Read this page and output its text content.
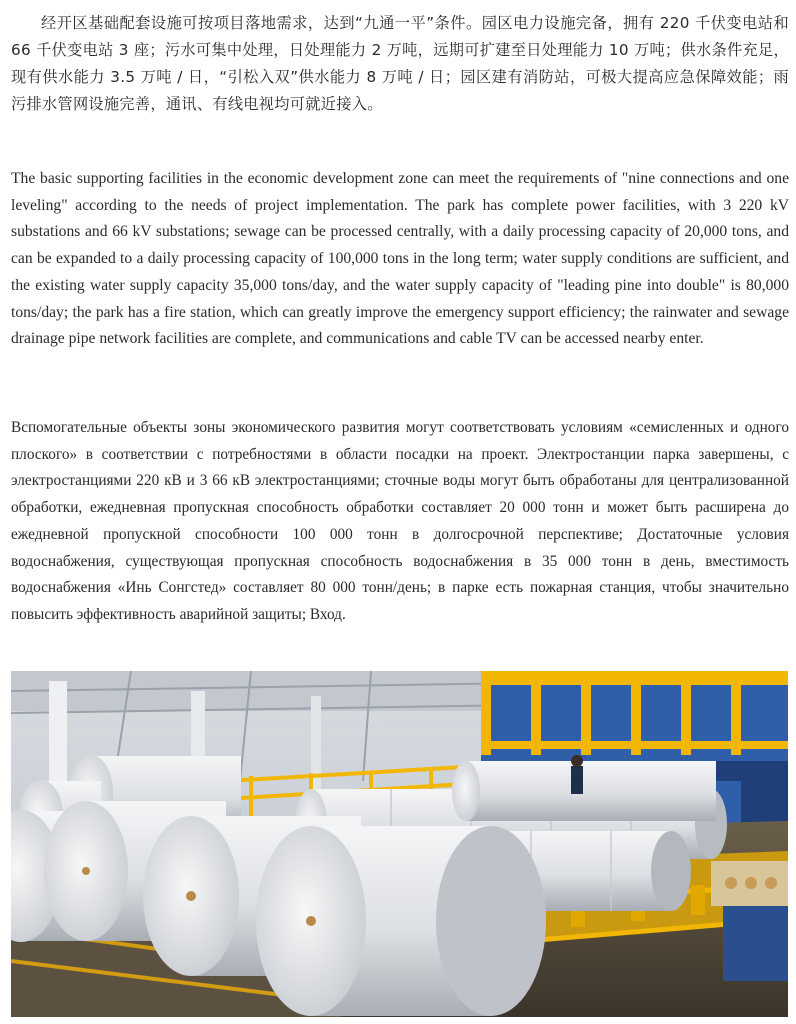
经开区基础配套设施可按项目落地需求，达到“九通一平”条件。园区电力设施完备，拥有 220 千伏变电站和 66 千伏变电站 3 座；污水可集中处理，日处理能力 2 万吨，远期可扩建至日处理能力 10 万吨；供水条件充足，现有供水能力 3.5 万吨 / 日，“引松入双”供水能力 8 万吨 / 日；园区建有消防站，可极大提高应急保障效能；雨污排水管网设施完善，通讯、有线电视均可就近接入。

The basic supporting facilities in the economic development zone can meet the requirements of "nine connections and one leveling" according to the needs of project implementation. The park has complete power facilities, with 3 220 kV substations and 66 kV substations; sewage can be processed centrally, with a daily processing capacity of 20,000 tons, and can be expanded to a daily processing capacity of 100,000 tons in the long term; water supply conditions are sufficient, and the existing water supply capacity 35,000 tons/day, and the water supply capacity of "leading pine into double" is 80,000 tons/day; the park has a fire station, which can greatly improve the emergency support efficiency; the rainwater and sewage drainage pipe network facilities are complete, and communications and cable TV can be accessed nearby enter.

Вспомогательные объекты зоны экономического развития могут соответствовать условиям «семисленных и одного плоского» в соответствии с потребностями в области посадки на проект. Электростанции парка завершены, с электростанциями 220 кВ и 3 66 кВ электростанциями; сточные воды могут быть обработаны для централизованной обработки, ежедневная пропускная способность обработки составляет 20 000 тонн и может быть расширена до ежедневной пропускной способности 100 000 тонн в долгосрочной перспективе; Достаточные условия водоснабжения, существующая пропускная способность водоснабжения в 35 000 тонн в день, вместимость водоснабжения «Инь Сонгстед» составляет 80 000 тонн/день; в парке есть пожарная станция, чтобы значительно повысить эффективность аварийной защиты; Вход.
